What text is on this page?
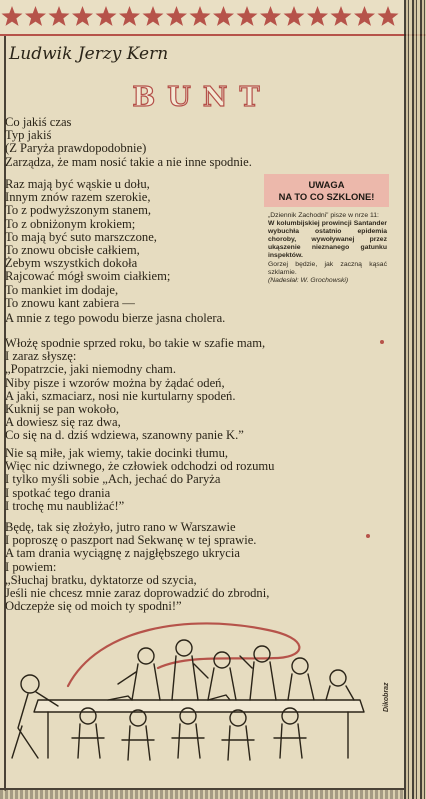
Ludwik Jerzy Kern
BUNT
Co jakiś czas
Typ jakiś
(Z Paryża prawdopodobnie)
Zarządza, że mam nosić takie a nie inne spodnie.
Raz mają być wąskie u dołu,
Innym znów razem szerokie,
To z podwyższonym stanem,
To z obniżonym krokiem;
To mają być suto marszczone,
To znowu obcisłe całkiem,
Żebym wszystkich dokoła
Rajcować mógł swoim ciałkiem;
To mankiet im dodaje,
To znowu kant zabiera —
A mnie z tego powodu bierze jasna cholera.
Włożę spodnie sprzed roku, bo takie w szafie mam,
I zaraz słyszę:
„Popatrzcie, jaki niemodny cham.
Niby pisze i wzorów można by żądać odeń,
A jaki, szmaciarz, nosi nie kurtularny spodeń.
Kuknij se pan wokoło,
A dowiesz się raz dwa,
Co się na d. dziś wdziewa, szanowny panie K.”
Nie są miłe, jak wiemy, takie docinki tłumu,
Więc nic dziwnego, że człowiek odchodzi od rozumu
I tylko myśli sobie „Ach, jechać do Paryża
I spotkać tego drania
I trochę mu naubliżać!”
Będę, tak się złożyło, jutro rano w Warszawie
I poproszę o paszport nad Sekwanę w tej sprawie.
A tam drania wyciągnę z najgłębszego ukrycia
I powiem:
„Słuchaj bratku, dyktatorze od szycia,
Jeśli nie chcesz mnie zaraz doprowadzić do zbrodni,
Odczepże się od moich ty spodni!”
UWAGA
NA TO CO SZKLONE!

„Dziennik Zachodni” pisze w nrze 11:

W kolumbijskiej prowincji Santander wybuchła ostatnio epidemia choroby, wywoływanej przez ukąszenie nieznanego gatunku inspektów.

Gorzej będzie, jak zaczną kąsać szklarnie.

(Nadesłał: W. Grochowski)

Dikobraz
